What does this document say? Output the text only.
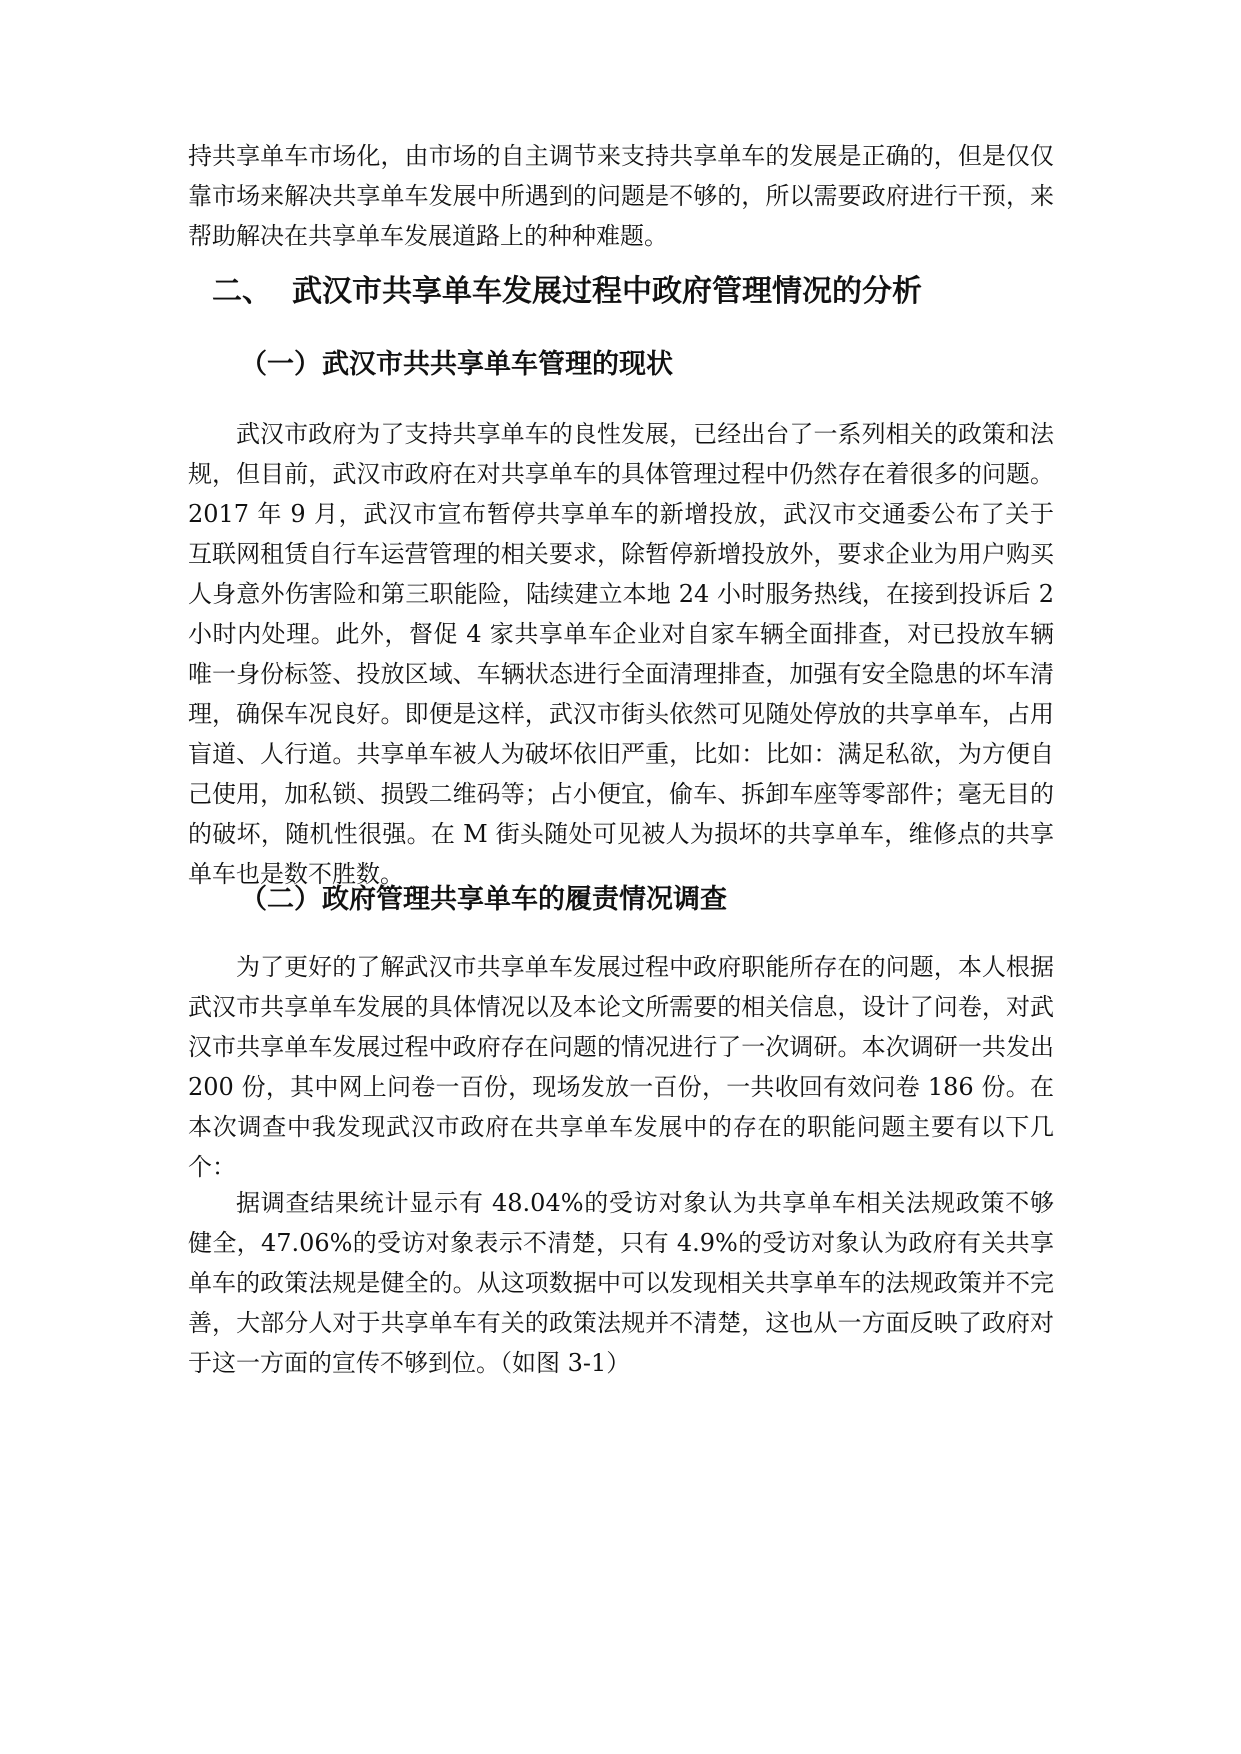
持共享单车市场化，由市场的自主调节来支持共享单车的发展是正确的，但是仅仅靠市场来解决共享单车发展中所遇到的问题是不够的，所以需要政府进行干预，来帮助解决在共享单车发展道路上的种种难题。

二、 武汉市共享单车发展过程中政府管理情况的分析
（一）武汉市共共享单车管理的现状

武汉市政府为了支持共享单车的良性发展，已经出台了一系列相关的政策和法规，但目前，武汉市政府在对共享单车的具体管理过程中仍然存在着很多的问题。2017 年 9 月，武汉市宣布暂停共享单车的新增投放，武汉市交通委公布了关于互联网租赁自行车运营管理的相关要求，除暂停新增投放外，要求企业为用户购买人身意外伤害险和第三职能险，陆续建立本地 24 小时服务热线，在接到投诉后 2 小时内处理。此外，督促 4 家共享单车企业对自家车辆全面排查，对已投放车辆唯一身份标签、投放区域、车辆状态进行全面清理排查，加强有安全隐患的坏车清理，确保车况良好。即便是这样，武汉市街头依然可见随处停放的共享单车，占用盲道、人行道。共享单车被人为破坏依旧严重，比如：比如：满足私欲，为方便自己使用，加私锁、损毁二维码等；占小便宜，偷车、拆卸车座等零部件；毫无目的的破坏，随机性很强。在 M 街头随处可见被人为损坏的共享单车，维修点的共享单车也是数不胜数。

（二）政府管理共享单车的履责情况调查

为了更好的了解武汉市共享单车发展过程中政府职能所存在的问题，本人根据武汉市共享单车发展的具体情况以及本论文所需要的相关信息，设计了问卷，对武汉市共享单车发展过程中政府存在问题的情况进行了一次调研。本次调研一共发出 200 份，其中网上问卷一百份，现场发放一百份，一共收回有效问卷 186 份。在本次调查中我发现武汉市政府在共享单车发展中的存在的职能问题主要有以下几个：

据调查结果统计显示有 48.04%的受访对象认为共享单车相关法规政策不够健全，47.06%的受访对象表示不清楚，只有 4.9%的受访对象认为政府有关共享单车的政策法规是健全的。从这项数据中可以发现相关共享单车的法规政策并不完善，大部分人对于共享单车有关的政策法规并不清楚，这也从一方面反映了政府对于这一方面的宣传不够到位。（如图 3-1）
